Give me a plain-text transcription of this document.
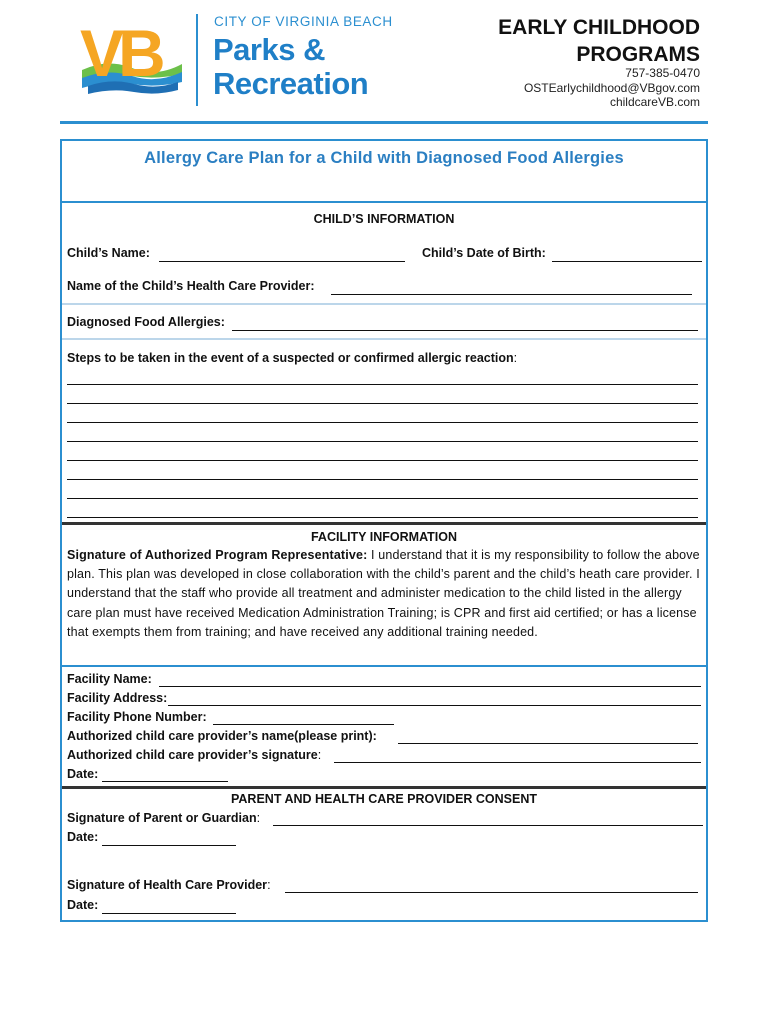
VB	CITY OF VIRGINIA BEACH
Parks &
Recreation
EARLY CHILDHOOD
PROGRAMS
757-385-0470
OSTEarlychildhood@VBgov.com
childcareVB.com
Allergy Care Plan for a Child with Diagnosed Food Allergies
CHILD’S INFORMATION
Child’s Name:	Child’s Date of Birth:
Name of the Child’s Health Care Provider:
Diagnosed Food Allergies:
Steps to be taken in the event of a suspected or confirmed allergic reaction:
FACILITY INFORMATION
Signature of Authorized Program Representative: I understand that it is my responsibility to follow the above plan. This plan was developed in close collaboration with the child’s parent and the child’s heath care provider. I understand that the staff who provide all treatment and administer medication to the child listed in the allergy care plan must have received Medication Administration Training; is CPR and first aid certified; or has a license that exempts them from training; and have received any additional training needed.
Facility Name:
Facility Address:
Facility Phone Number:
Authorized child care provider’s name(please print):
Authorized child care provider’s signature:
Date:
PARENT AND HEALTH CARE PROVIDER CONSENT
Signature of Parent or Guardian:
Date:
Signature of Health Care Provider:
Date:
